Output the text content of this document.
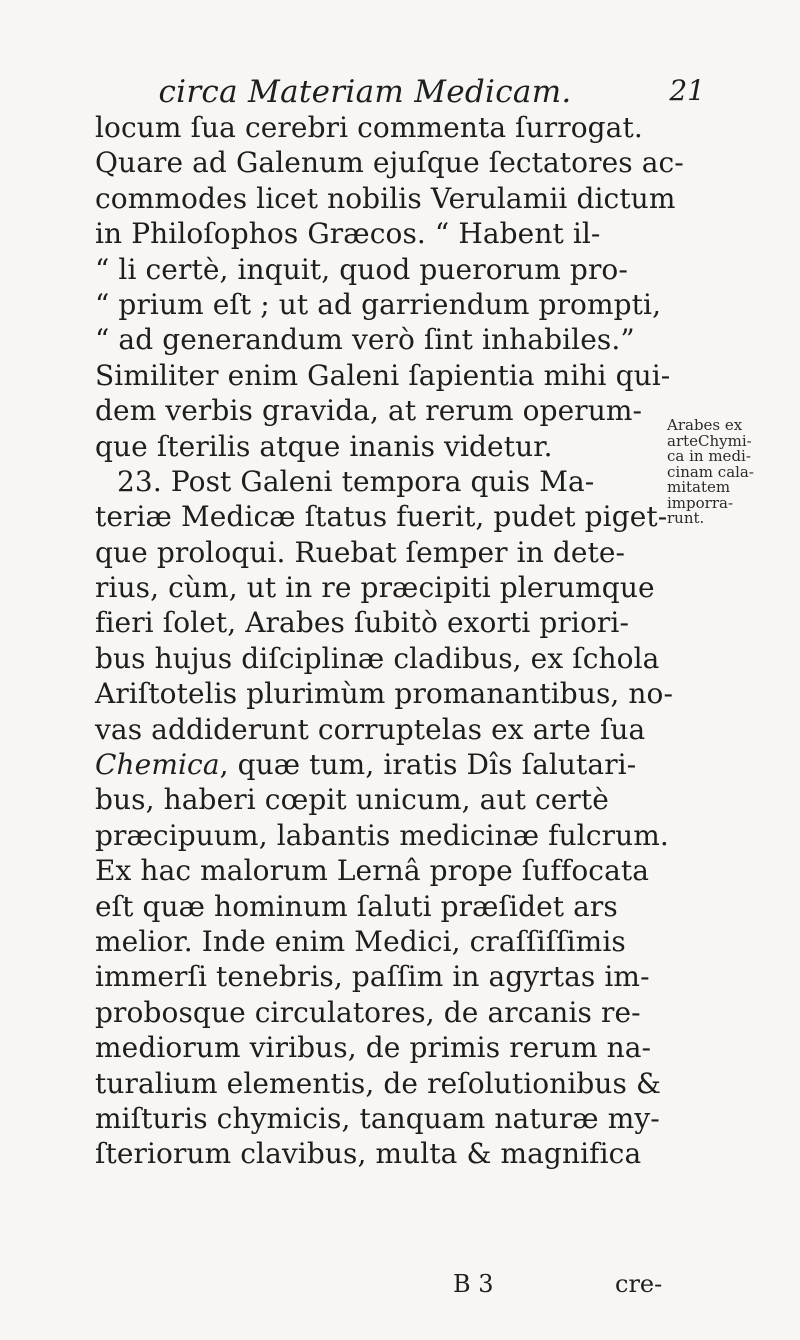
circa Materiam Medicam.	21
locum ſua cerebri commenta ſurrogat.
Quare ad Galenum ejuſque ſectatores ac-
commodes licet nobilis Verulamii dictum
in Philoſophos Græcos. “ Habent il-
“ li certè, inquit, quod puerorum pro-
“ prium eſt ; ut ad garriendum prompti,
“ ad generandum verò ſint inhabiles.”
Similiter enim Galeni ſapientia mihi qui-
dem verbis gravida, at rerum operum-
que ſterilis atque inanis videtur.
23. Post Galeni tempora quis Ma-
teriæ Medicæ ſtatus fuerit, pudet piget-
que proloqui. Ruebat ſemper in dete-
rius, cùm, ut in re præcipiti plerumque
fieri ſolet, Arabes ſubitò exorti priori-
bus hujus diſciplinæ cladibus, ex ſchola
Ariſtotelis plurimùm promanantibus, no-
vas addiderunt corruptelas ex arte ſua
Chemica, quæ tum, iratis Dîs ſalutari-
bus, haberi cœpit unicum, aut certè
præcipuum, labantis medicinæ fulcrum.
Ex hac malorum Lernâ prope ſuffocata
eſt quæ hominum ſaluti præſidet ars
melior. Inde enim Medici, craſſiſſimis
immerſi tenebris, paſſim in agyrtas im-
probosque circulatores, de arcanis re-
mediorum viribus, de primis rerum na-
turalium elementis, de reſolutionibus &
miſturis chymicis, tanquam naturæ my-
ſteriorum clavibus, multa & magnifica
Arabes ex
arteChymi-
ca in medi-
cinam cala-
mitatem
imporra-
runt.
B 3	cre-
